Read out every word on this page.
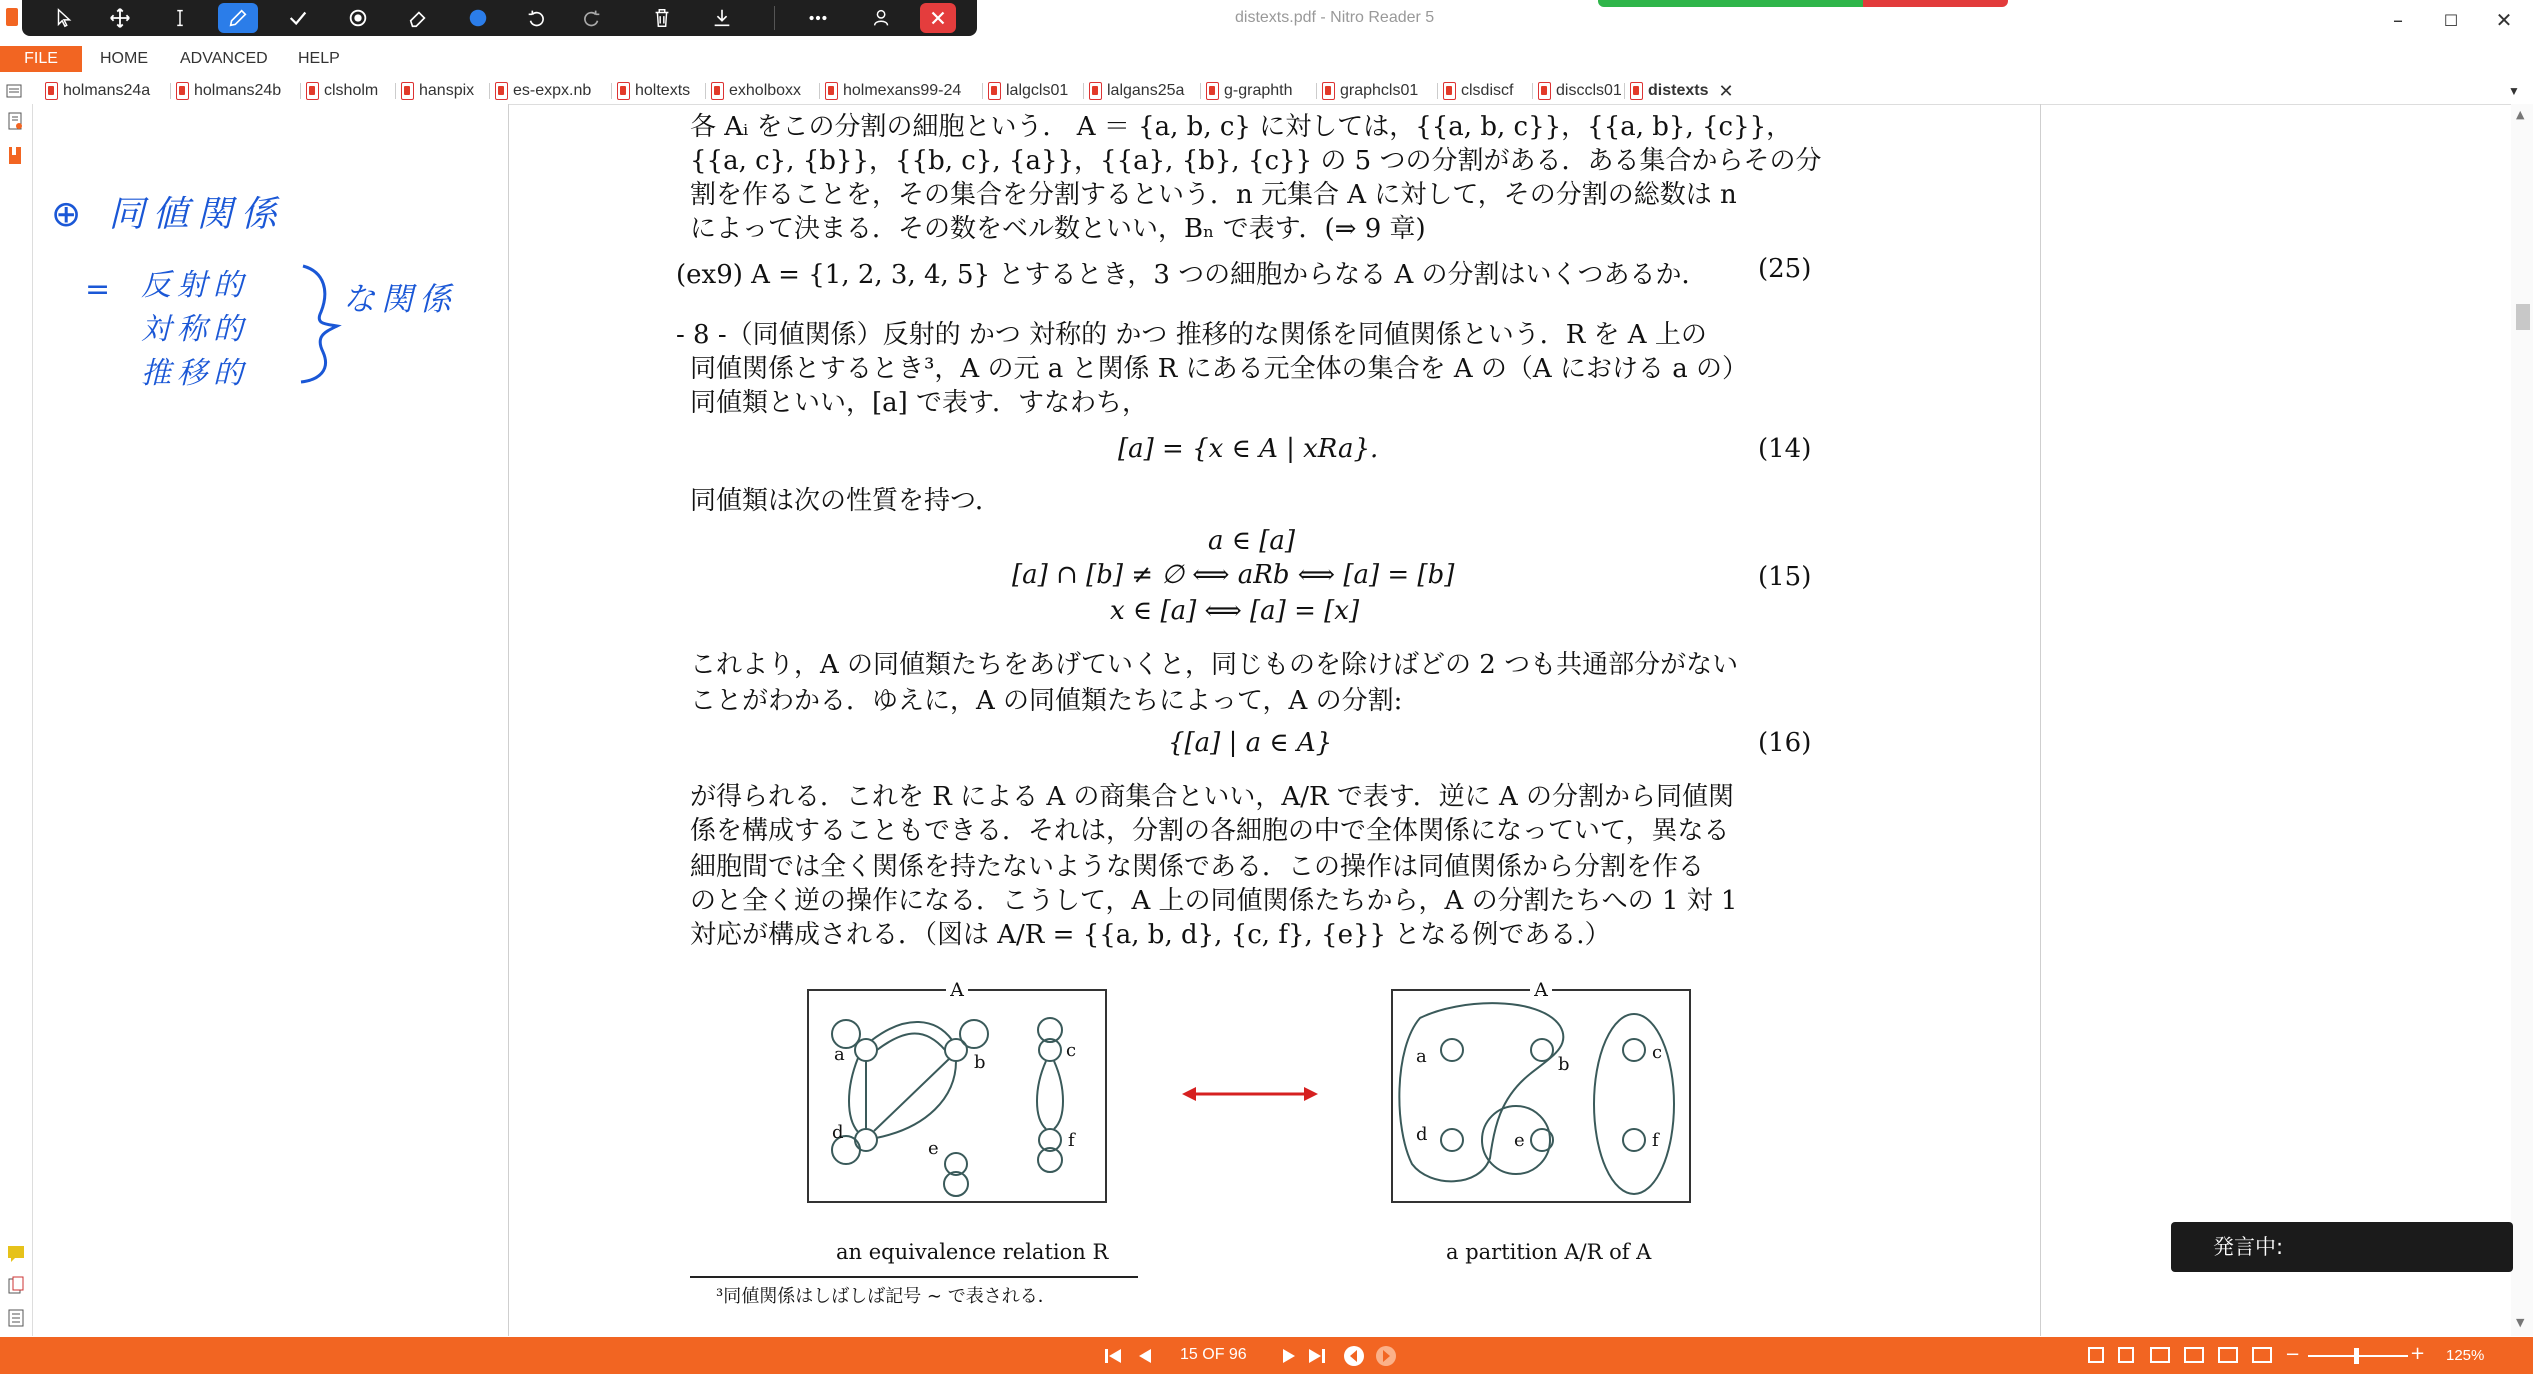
distexts.pdf - Nitro Reader 5	–	☐	✕
FILE	HOME ADVANCED HELP
holmans24a	holmans24b	clsholm	hanspix es-expx.nb	holtexts exholboxx	holmexans99-24	lalgcls01 lalgans25a g-graphth	graphcls01	clsdiscf	disccls01 distexts ✕	▼
⊕ 同値関係
= 反射的
対称的
推移的
な関係
各 Aᵢ をこの分割の細胞という． A ＝ {a, b, c} に対しては，{{a, b, c}}，{{a, b}, {c}}，
{{a, c}, {b}}，{{b, c}, {a}}，{{a}, {b}, {c}} の 5 つの分割がある．ある集合からその分
割を作ることを，その集合を分割するという．n 元集合 A に対して，その分割の総数は n
によって決まる．その数をベル数といい，Bₙ で表す．(⇒ 9 章)
(ex9) A = {1, 2, 3, 4, 5} とするとき，3 つの細胞からなる A の分割はいくつあるか． (25)
- 8 -（同値関係）反射的 かつ 対称的 かつ 推移的な関係を同値関係という．R を A 上の
同値関係とするとき³，A の元 a と関係 R にある元全体の集合を A の（A における a の）
同値類といい，[a] で表す．すなわち，
[a] = {x ∈ A | xRa}.	(14)
同値類は次の性質を持つ．
a ∈ [a]
[a] ∩ [b] ≠ ∅ ⟺ aRb ⟺ [a] = [b]
x ∈ [a] ⟺ [a] = [x]
(15)
これより，A の同値類たちをあげていくと，同じものを除けばどの 2 つも共通部分がない
ことがわかる．ゆえに，A の同値類たちによって，A の分割:
{[a] | a ∈ A}	(16)
が得られる．これを R による A の商集合といい，A/R で表す．逆に A の分割から同値関
係を構成することもできる．それは，分割の各細胞の中で全体関係になっていて，異なる
細胞間では全く関係を持たないような関係である．この操作は同値関係から分割を作る
のと全く逆の操作になる．こうして，A 上の同値関係たちから，A の分割たちへの 1 対 1
対応が構成される．（図は A/R = {{a, b, d}, {c, f}, {e}} となる例である.）
A
a	b
c
d
e	f
A
a	b
c
d	e	f
an equivalence relation R	a partition A/R of A
³同値関係はしばしば記号 ∼ で表される．
▲
▼
発言中:
15 OF 96	−	+ 125%
